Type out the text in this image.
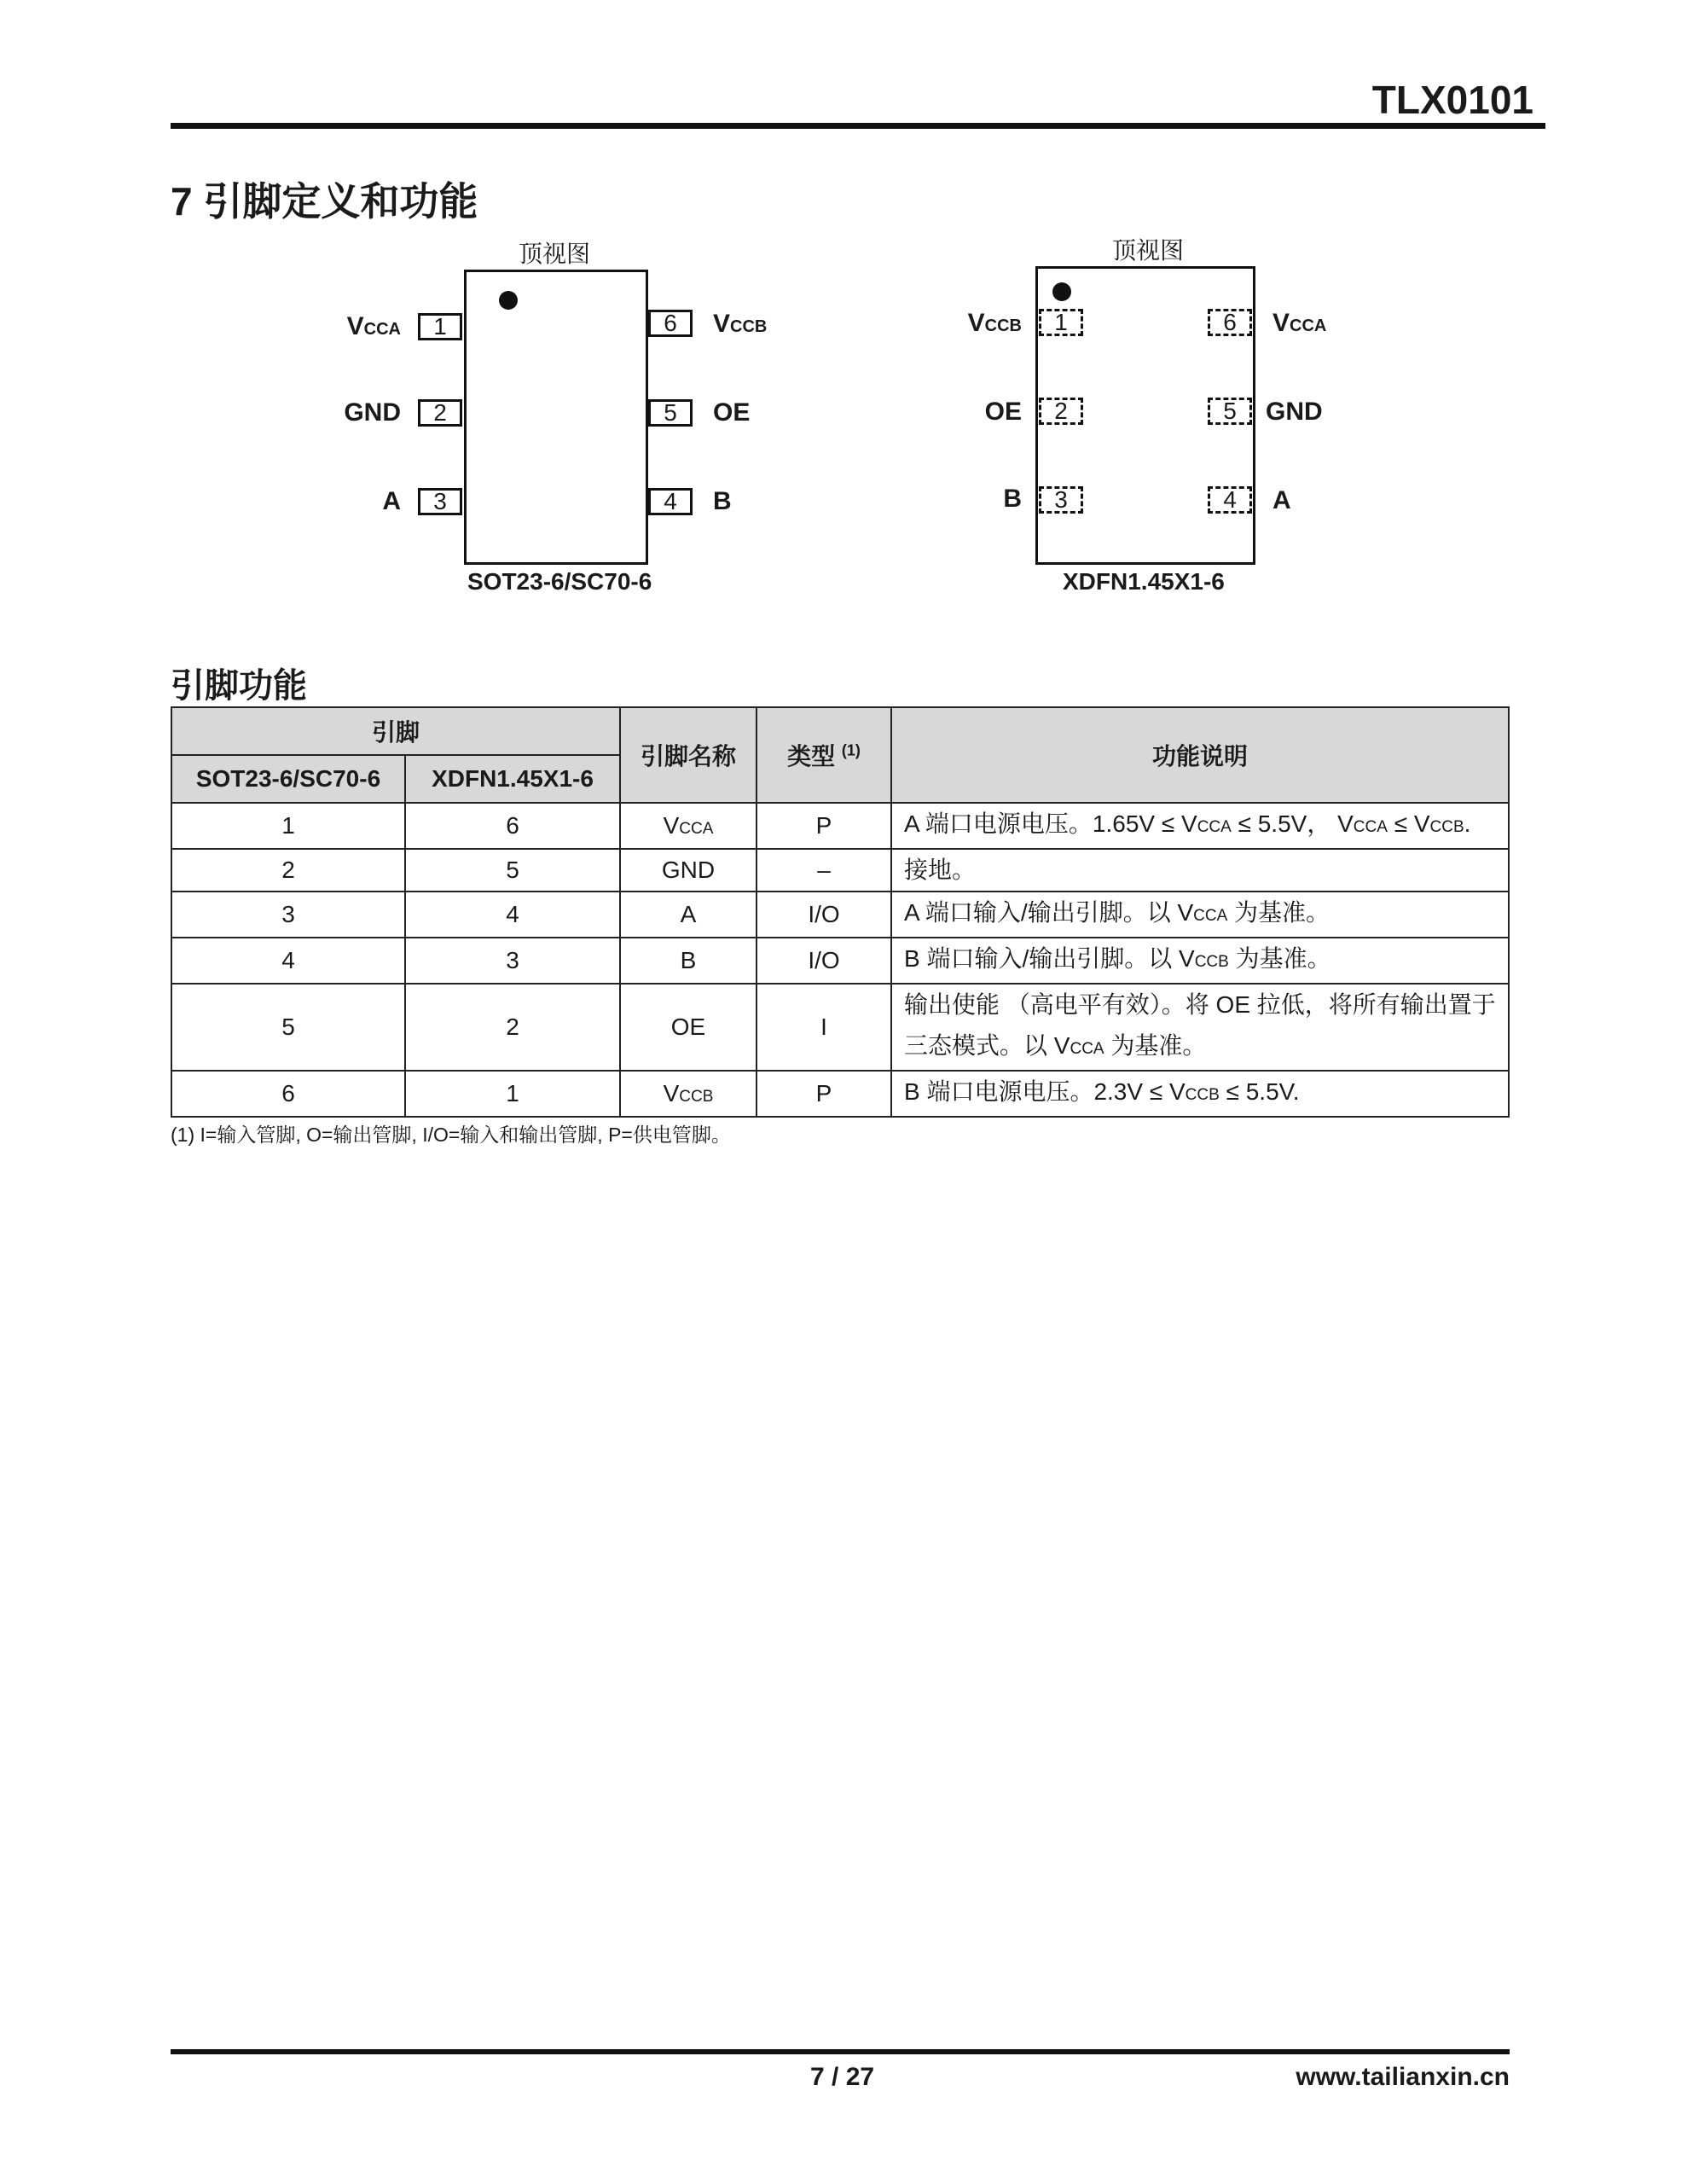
TLX0101
7 引脚定义和功能
顶视图
1
2
3
6
5
4
VCCA
GND
A
VCCB
OE
B
SOT23-6/SC70-6
顶视图
1
2
3
6
5
4
VCCB
OE
B
VCCA
GND
A
XDFN1.45X1-6
引脚功能
引脚		引脚名称	类型 $^{(1)}$	功能说明
SOT23-6/SC70-6	XDFN1.45X1-6			
1	6	VCCA	P	A 端口电源电压。1.65V ≤ VCCA ≤ 5.5V， VCCA ≤ VCCB.
2	5	GND	–	接地。
3	4	A	I/O	A 端口输入/输出引脚。以 VCCA 为基准。
4	3	B	I/O	B 端口输入/输出引脚。以 VCCB 为基准。
5	2	OE	I	输出使能 （高电平有效）。将 OE 拉低，将所有输出置于三态模式。以 VCCA 为基准。
6	1	VCCB	P	B 端口电源电压。2.3V ≤ VCCB ≤ 5.5V.
(1) I=输入管脚, O=输出管脚, I/O=输入和输出管脚, P=供电管脚。
7 / 27	www.tailianxin.cn
